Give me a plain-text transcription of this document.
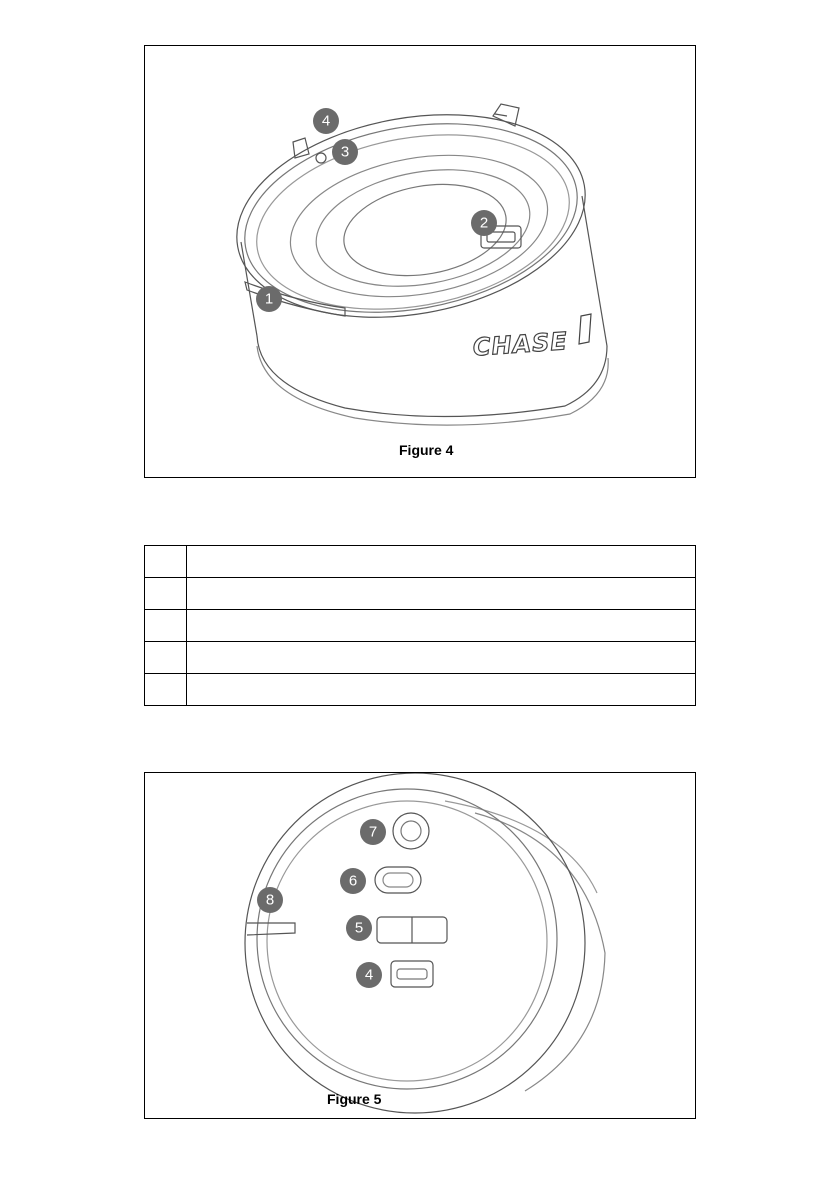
CHASE
1
2
3
4
Figure 4

4
5
6
7
8
Figure 5
